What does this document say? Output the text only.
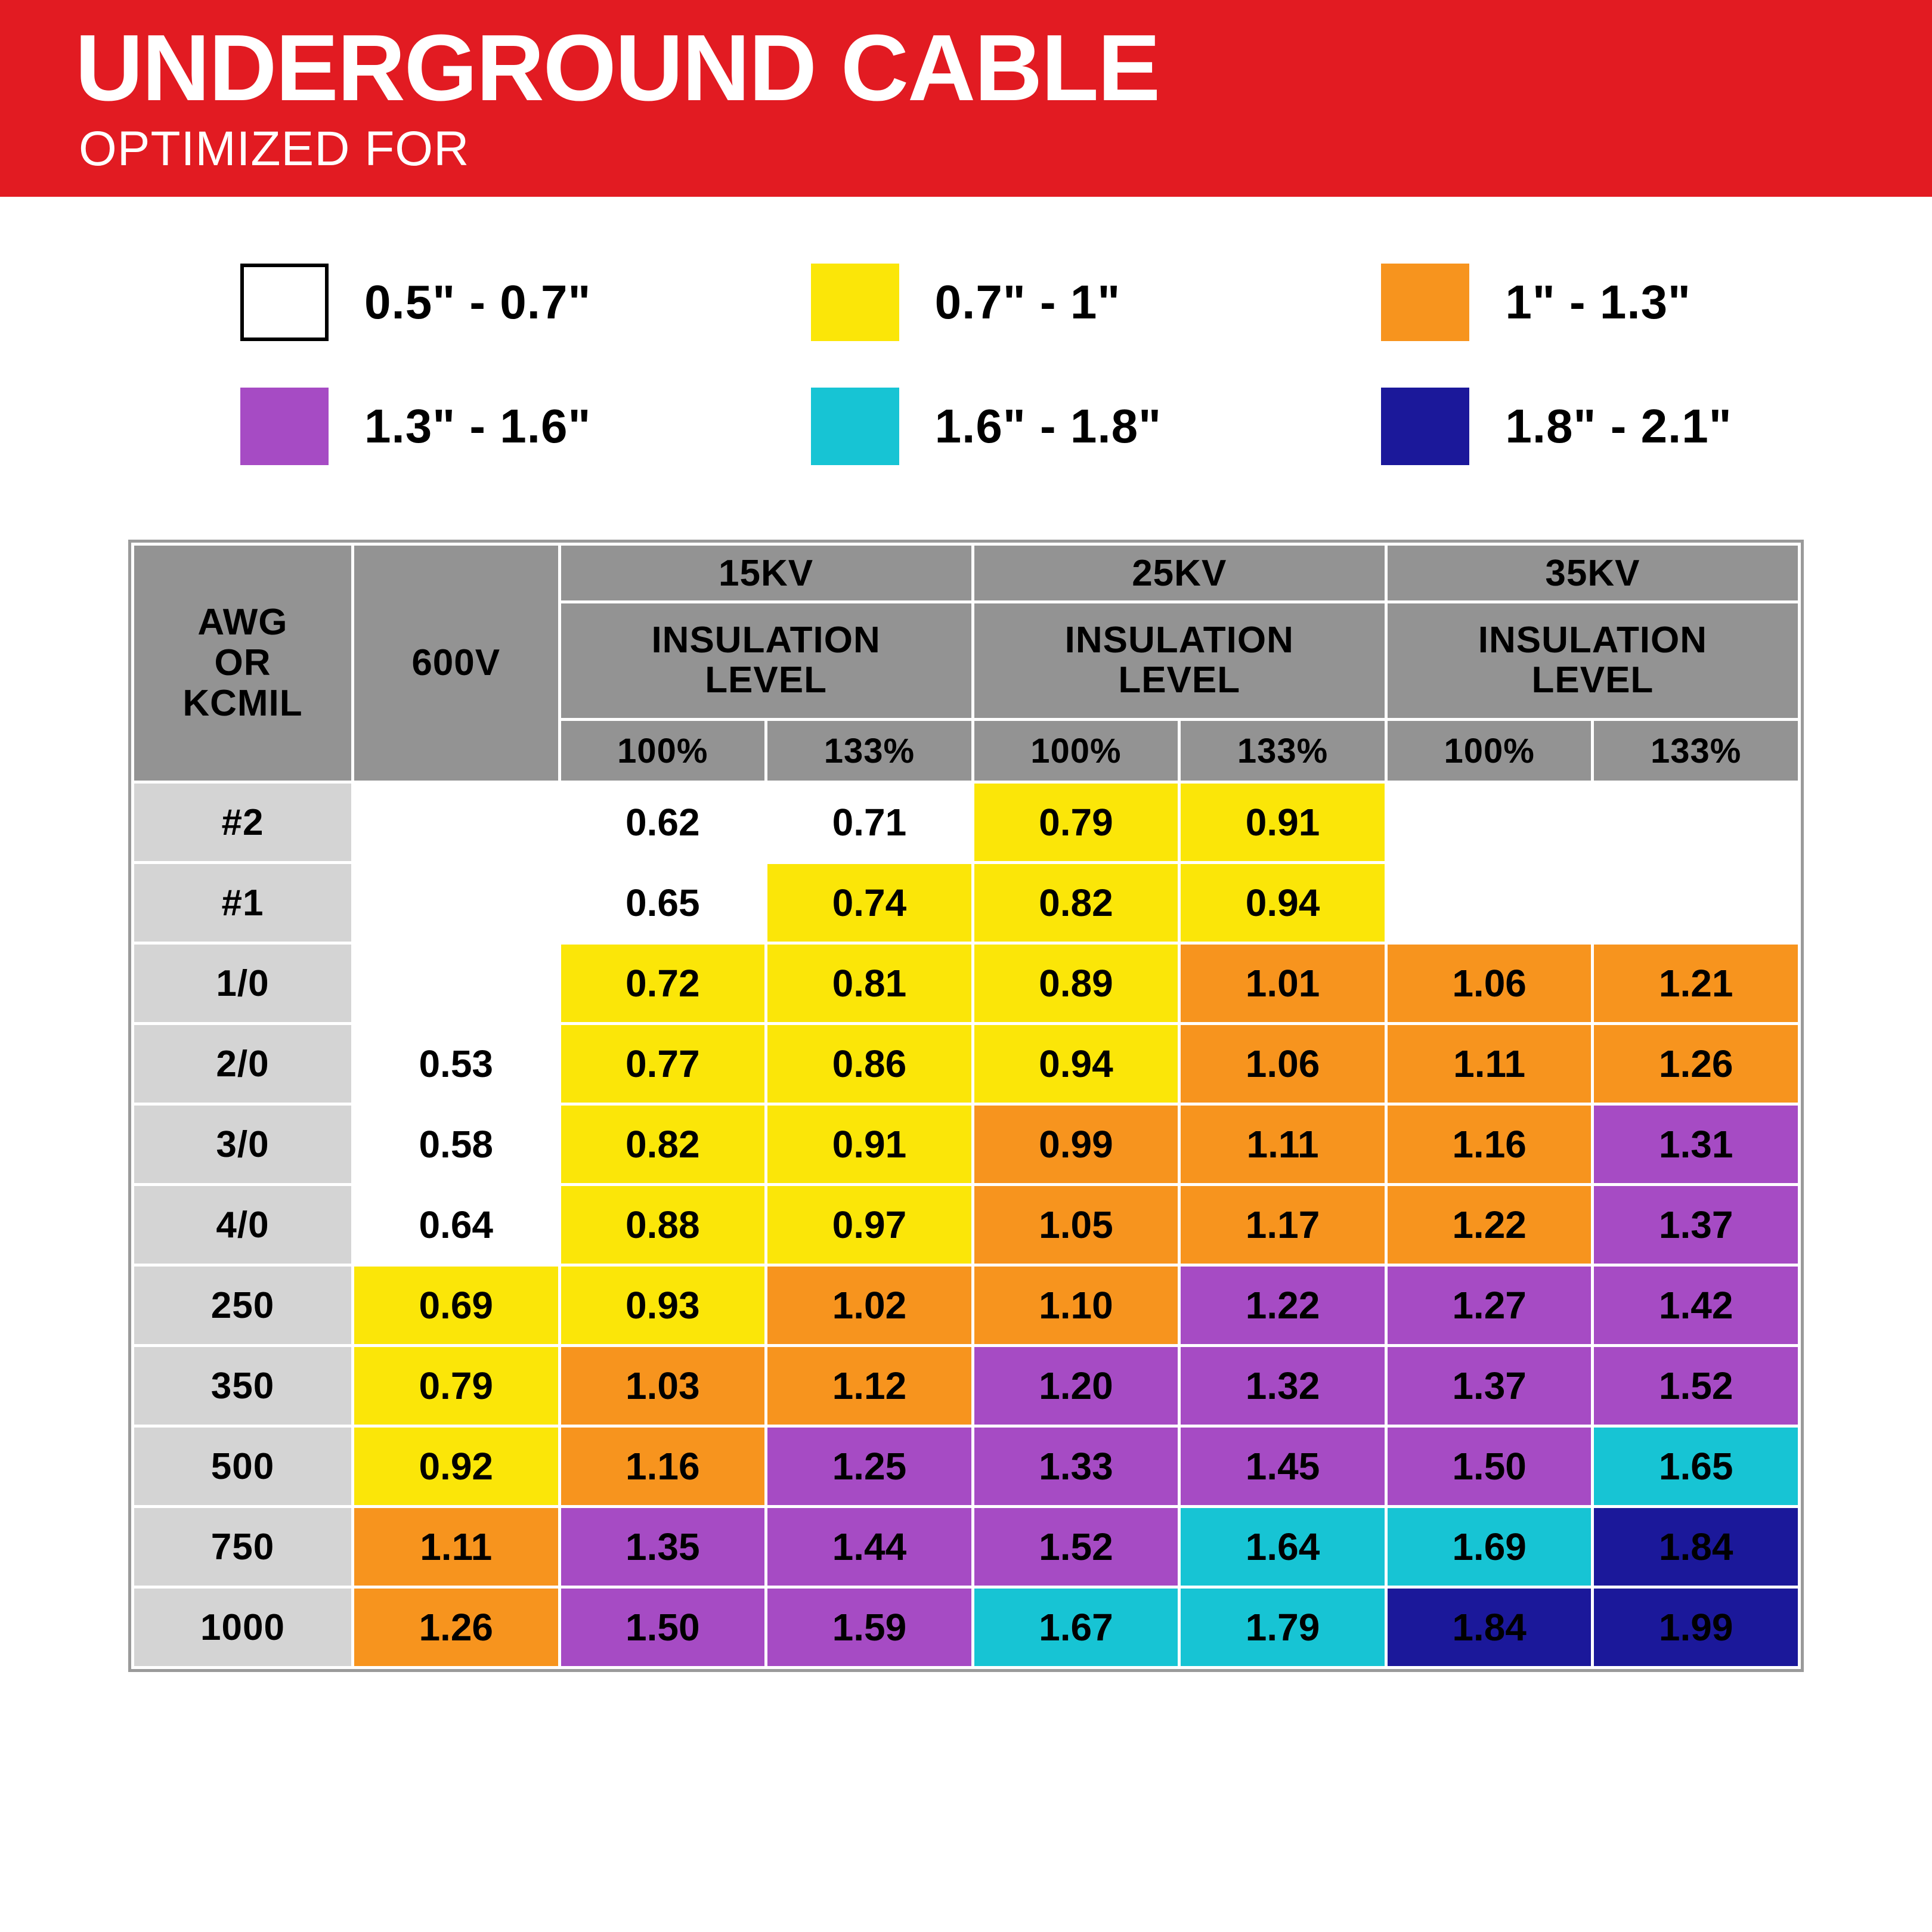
UNDERGROUND CABLE
OPTIMIZED FOR
0.5" - 0.7"	0.7" - 1"	1" - 1.3"
1.3" - 1.6"	1.6" - 1.8"	1.8" - 2.1"
AWG
OR
KCMIL	600V	15KV		25KV		35KV	
		INSULATION
LEVEL		INSULATION
LEVEL		INSULATION
LEVEL	
		100%	133%	100%	133%	100%	133%
#2		0.62	0.71	0.79	0.91		
#1		0.65	0.74	0.82	0.94		
1/0		0.72	0.81	0.89	1.01	1.06	1.21
2/0	0.53	0.77	0.86	0.94	1.06	1.11	1.26
3/0	0.58	0.82	0.91	0.99	1.11	1.16	1.31
4/0	0.64	0.88	0.97	1.05	1.17	1.22	1.37
250	0.69	0.93	1.02	1.10	1.22	1.27	1.42
350	0.79	1.03	1.12	1.20	1.32	1.37	1.52
500	0.92	1.16	1.25	1.33	1.45	1.50	1.65
750	1.11	1.35	1.44	1.52	1.64	1.69	1.84
1000	1.26	1.50	1.59	1.67	1.79	1.84	1.99
